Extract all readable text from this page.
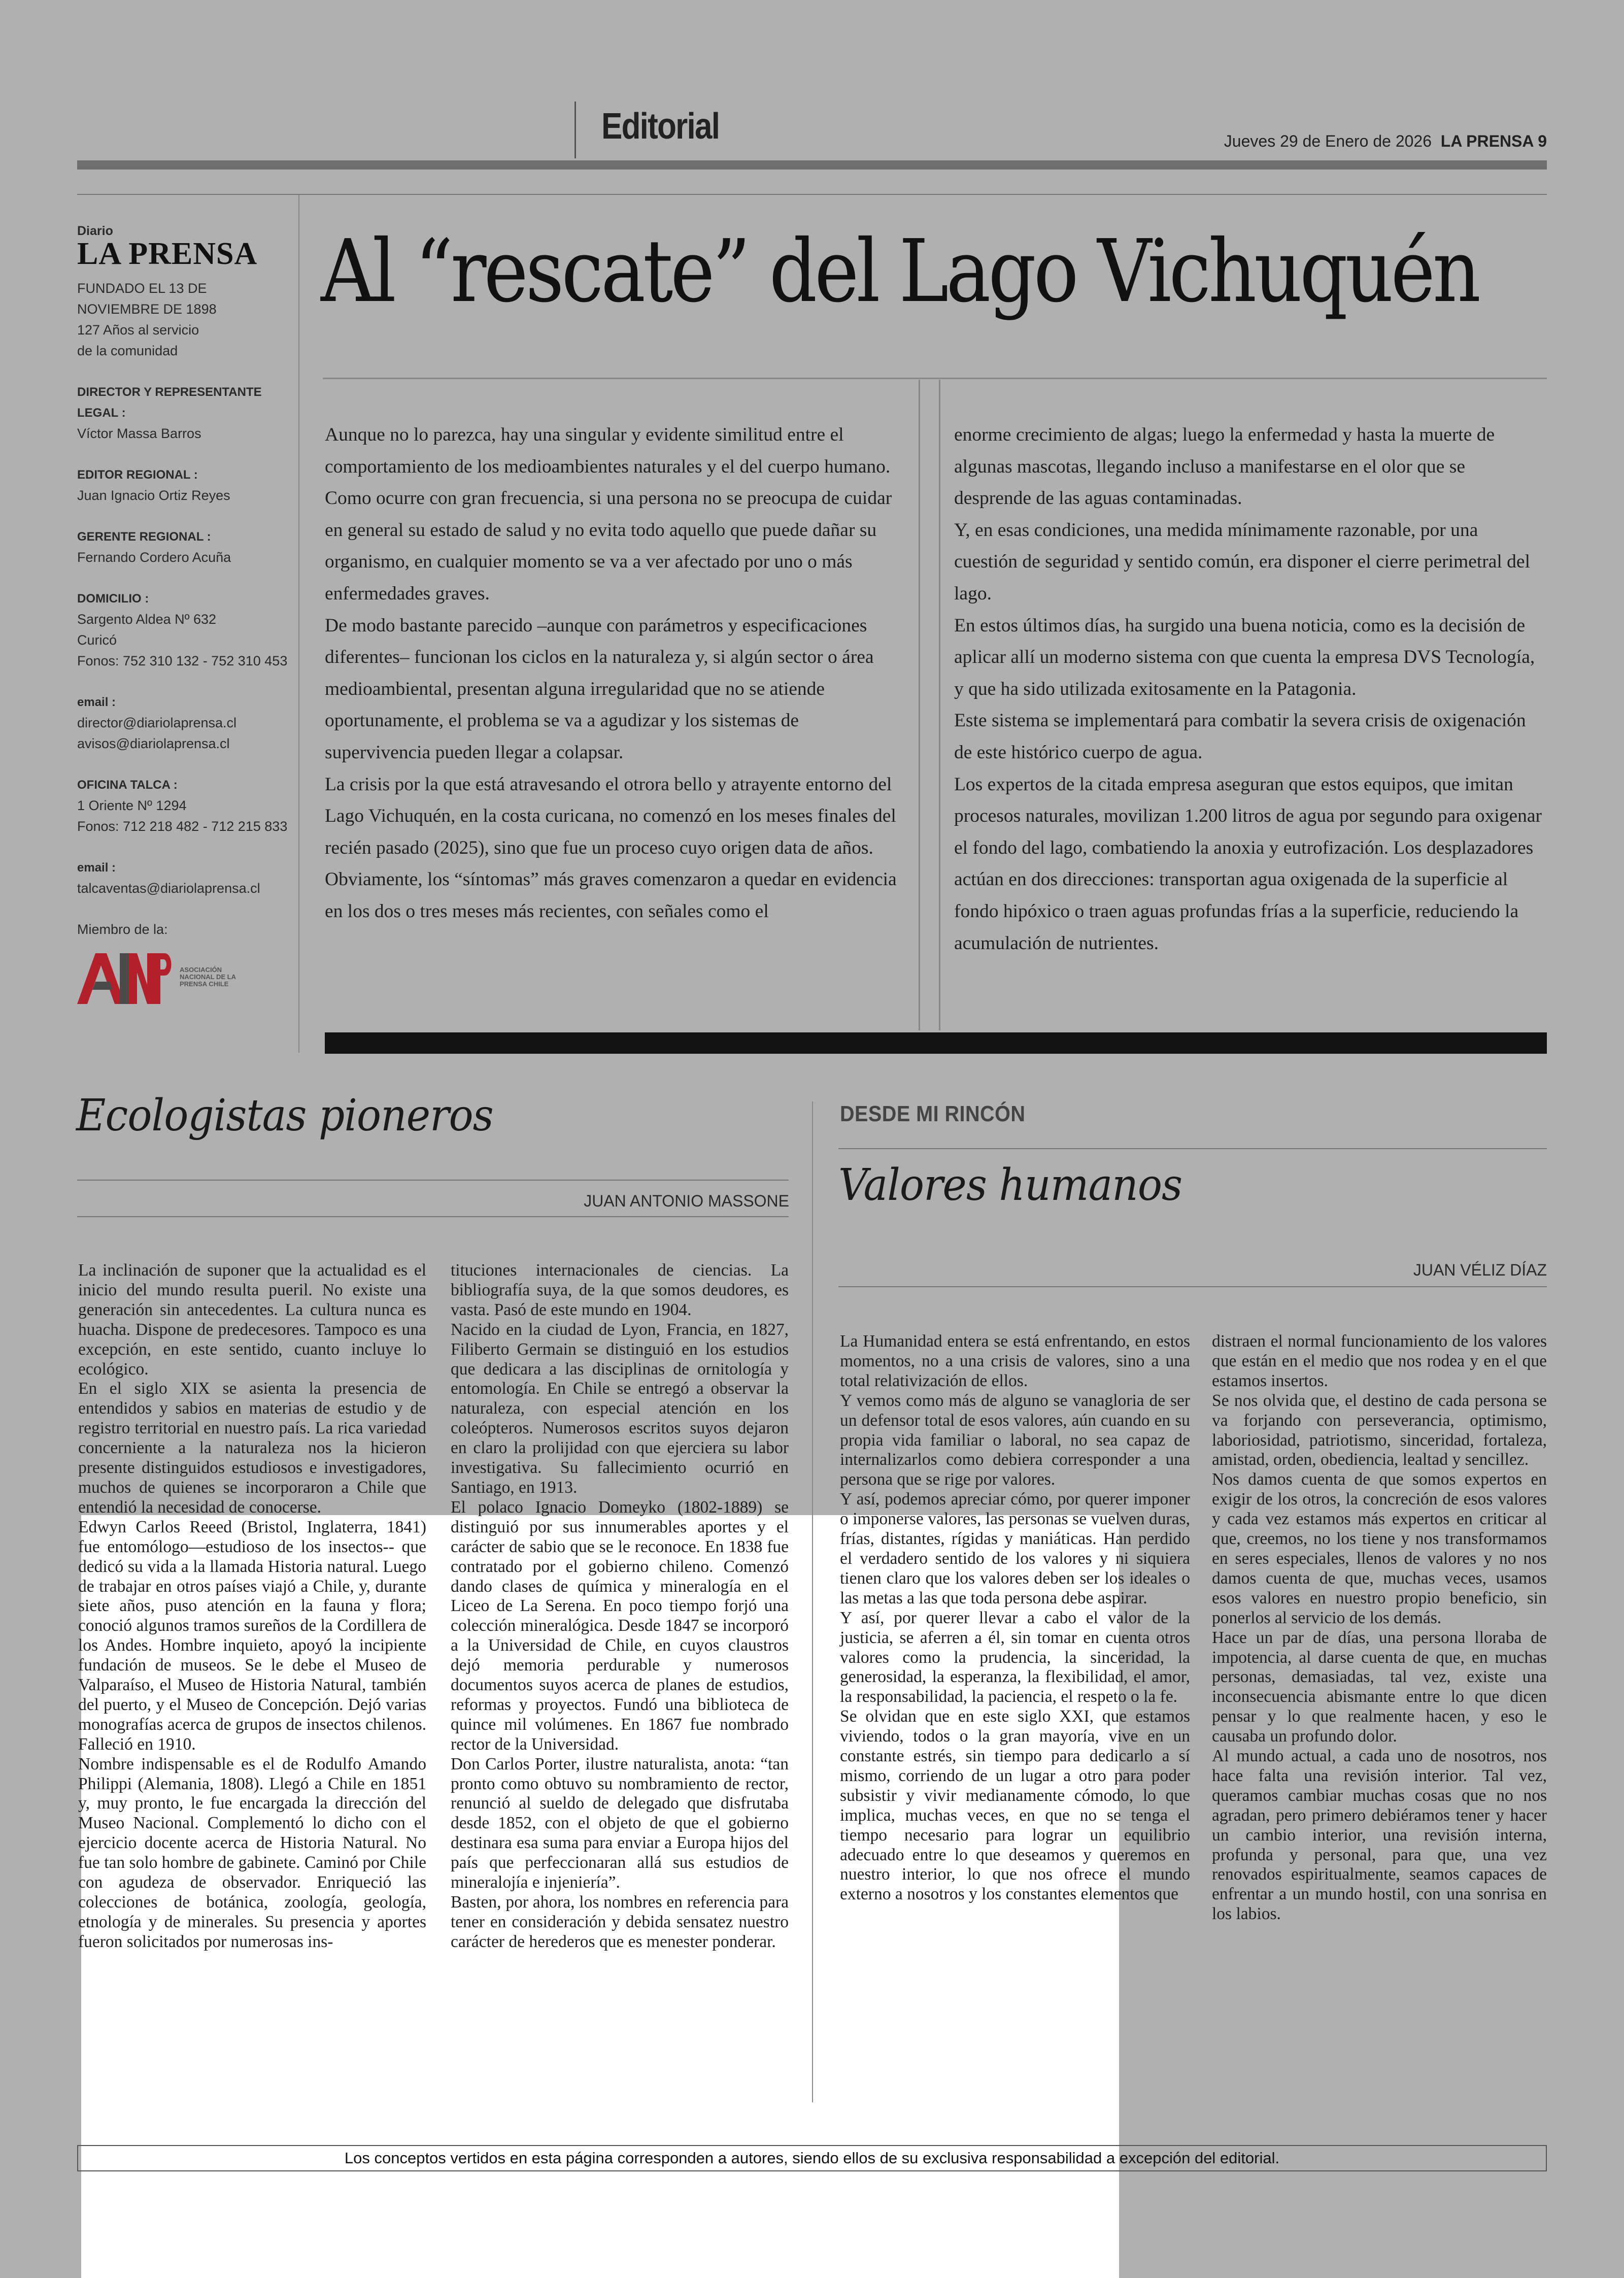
Editorial	Jueves 29 de Enero de 2026 LA PRENSA 9
Diario
LA PRENSA
FUNDADO EL 13 DE
NOVIEMBRE DE 1898
127 Años al servicio
de la comunidad
DIRECTOR Y REPRESENTANTE LEGAL :
Víctor Massa Barros
EDITOR REGIONAL :
Juan Ignacio Ortiz Reyes
GERENTE REGIONAL :
Fernando Cordero Acuña
DOMICILIO :
Sargento Aldea Nº 632
Curicó
Fonos: 752 310 132 - 752 310 453
email :
director@diariolaprensa.cl
avisos@diariolaprensa.cl
OFICINA TALCA :
1 Oriente Nº 1294
Fonos: 712 218 482 - 712 215 833
email :
talcaventas@diariolaprensa.cl
Miembro de la:
ASOCIACIÓN NACIONAL DE LA PRENSA CHILE
Al “rescate” del Lago Vichuquén

Aunque no lo parezca, hay una singular y evidente similitud entre el comportamiento de los medioambientes naturales y el del cuerpo humano.

Como ocurre con gran frecuencia, si una persona no se preocupa de cuidar en general su estado de salud y no evita todo aquello que puede dañar su organismo, en cualquier momento se va a ver afectado por uno o más enfermedades graves.

De modo bastante parecido –aunque con parámetros y especificaciones diferentes– funcionan los ciclos en la naturaleza y, si algún sector o área medioambiental, presentan alguna irregularidad que no se atiende oportunamente, el problema se va a agudizar y los sistemas de supervivencia pueden llegar a colapsar.

La crisis por la que está atravesando el otrora bello y atrayente entorno del Lago Vichuquén, en la costa curicana, no comenzó en los meses finales del recién pasado (2025), sino que fue un proceso cuyo origen data de años.

Obviamente, los “síntomas” más graves comenzaron a quedar en evidencia en los dos o tres meses más recientes, con señales como el

enorme crecimiento de algas; luego la enfermedad y hasta la muerte de algunas mascotas, llegando incluso a manifestarse en el olor que se desprende de las aguas contaminadas.

Y, en esas condiciones, una medida mínimamente razonable, por una cuestión de seguridad y sentido común, era disponer el cierre perimetral del lago.

En estos últimos días, ha surgido una buena noticia, como es la decisión de aplicar allí un moderno sistema con que cuenta la empresa DVS Tecnología, y que ha sido utilizada exitosamente en la Patagonia.

Este sistema se implementará para combatir la severa crisis de oxigenación de este histórico cuerpo de agua.

Los expertos de la citada empresa aseguran que estos equipos, que imitan procesos naturales, movilizan 1.200 litros de agua por segundo para oxigenar el fondo del lago, combatiendo la anoxia y eutrofización. Los desplazadores actúan en dos direcciones: transportan agua oxigenada de la superficie al fondo hipóxico o traen aguas profundas frías a la superficie, reduciendo la acumulación de nutrientes.

Ecologistas pioneros
JUAN ANTONIO MASSONE

La inclinación de suponer que la actualidad es el inicio del mundo resulta pueril. No existe una generación sin antecedentes. La cultura nunca es huacha. Dispone de predecesores. Tampoco es una excepción, en este sentido, cuanto incluye lo ecológico.

En el siglo XIX se asienta la presencia de entendidos y sabios en materias de estudio y de registro territorial en nuestro país. La rica variedad concerniente a la naturaleza nos la hicieron presente distinguidos estudiosos e investigadores, muchos de quienes se incorporaron a Chile que entendió la necesidad de conocerse.

Edwyn Carlos Reeed (Bristol, Inglaterra, 1841) fue entomólogo—estudioso de los insectos-- que dedicó su vida a la llamada Historia natural. Luego de trabajar en otros países viajó a Chile, y, durante siete años, puso atención en la fauna y flora; conoció algunos tramos sureños de la Cordillera de los Andes. Hombre inquieto, apoyó la incipiente fundación de museos. Se le debe el Museo de Valparaíso, el Museo de Historia Natural, también del puerto, y el Museo de Concepción. Dejó varias monografías acerca de grupos de insectos chilenos. Falleció en 1910.

Nombre indispensable es el de Rodulfo Amando Philippi (Alemania, 1808). Llegó a Chile en 1851 y, muy pronto, le fue encargada la dirección del Museo Nacional. Complementó lo dicho con el ejercicio docente acerca de Historia Natural. No fue tan solo hombre de gabinete. Caminó por Chile con agudeza de observador. Enriqueció las colecciones de botánica, zoología, geología, etnología y de minerales. Su presencia y aportes fueron solicitados por numerosas ins-

tituciones internacionales de ciencias. La bibliografía suya, de la que somos deudores, es vasta. Pasó de este mundo en 1904.

Nacido en la ciudad de Lyon, Francia, en 1827, Filiberto Germain se distinguió en los estudios que dedicara a las disciplinas de ornitología y entomología. En Chile se entregó a observar la naturaleza, con especial atención en los coleópteros. Numerosos escritos suyos dejaron en claro la prolijidad con que ejerciera su labor investigativa. Su fallecimiento ocurrió en Santiago, en 1913.

El polaco Ignacio Domeyko (1802-1889) se distinguió por sus innumerables aportes y el carácter de sabio que se le reconoce. En 1838 fue contratado por el gobierno chileno. Comenzó dando clases de química y mineralogía en el Liceo de La Serena. En poco tiempo forjó una colección mineralógica. Desde 1847 se incorporó a la Universidad de Chile, en cuyos claustros dejó memoria perdurable y numerosos documentos suyos acerca de planes de estudios, reformas y proyectos. Fundó una biblioteca de quince mil volúmenes. En 1867 fue nombrado rector de la Universidad.

Don Carlos Porter, ilustre naturalista, anota: “tan pronto como obtuvo su nombramiento de rector, renunció al sueldo de delegado que disfrutaba desde 1852, con el objeto de que el gobierno destinara esa suma para enviar a Europa hijos del país que perfeccionaran allá sus estudios de mineralojía e injeniería”.

Basten, por ahora, los nombres en referencia para tener en consideración y debida sensatez nuestro carácter de herederos que es menester ponderar.

DESDE MI RINCÓN
Valores humanos
JUAN VÉLIZ DÍAZ

La Humanidad entera se está enfrentando, en estos momentos, no a una crisis de valores, sino a una total relativización de ellos.

Y vemos como más de alguno se vanagloria de ser un defensor total de esos valores, aún cuando en su propia vida familiar o laboral, no sea capaz de internalizarlos como debiera corresponder a una persona que se rige por valores.

Y así, podemos apreciar cómo, por querer imponer o imponerse valores, las personas se vuelven duras, frías, distantes, rígidas y maniáticas. Han perdido el verdadero sentido de los valores y ni siquiera tienen claro que los valores deben ser los ideales o las metas a las que toda persona debe aspirar.

Y así, por querer llevar a cabo el valor de la justicia, se aferren a él, sin tomar en cuenta otros valores como la prudencia, la sinceridad, la generosidad, la esperanza, la flexibilidad, el amor, la responsabilidad, la paciencia, el respeto o la fe.

Se olvidan que en este siglo XXI, que estamos viviendo, todos o la gran mayoría, vive en un constante estrés, sin tiempo para dedicarlo a sí mismo, corriendo de un lugar a otro para poder subsistir y vivir medianamente cómodo, lo que implica, muchas veces, en que no se tenga el tiempo necesario para lograr un equilibrio adecuado entre lo que deseamos y queremos en nuestro interior, lo que nos ofrece el mundo externo a nosotros y los constantes elementos que

distraen el normal funcionamiento de los valores que están en el medio que nos rodea y en el que estamos insertos.

Se nos olvida que, el destino de cada persona se va forjando con perseverancia, optimismo, laboriosidad, patriotismo, sinceridad, fortaleza, amistad, orden, obediencia, lealtad y sencillez.

Nos damos cuenta de que somos expertos en exigir de los otros, la concreción de esos valores y cada vez estamos más expertos en criticar al que, creemos, no los tiene y nos transformamos en seres especiales, llenos de valores y no nos damos cuenta de que, muchas veces, usamos esos valores en nuestro propio beneficio, sin ponerlos al servicio de los demás.

Hace un par de días, una persona lloraba de impotencia, al darse cuenta de que, en muchas personas, demasiadas, tal vez, existe una inconsecuencia abismante entre lo que dicen pensar y lo que realmente hacen, y eso le causaba un profundo dolor.

Al mundo actual, a cada uno de nosotros, nos hace falta una revisión interior. Tal vez, queramos cambiar muchas cosas que no nos agradan, pero primero debiéramos tener y hacer un cambio interior, una revisión interna, profunda y personal, para que, una vez renovados espiritualmente, seamos capaces de enfrentar a un mundo hostil, con una sonrisa en los labios.

Los conceptos vertidos en esta página corresponden a autores, siendo ellos de su exclusiva responsabilidad a excepción del editorial.
